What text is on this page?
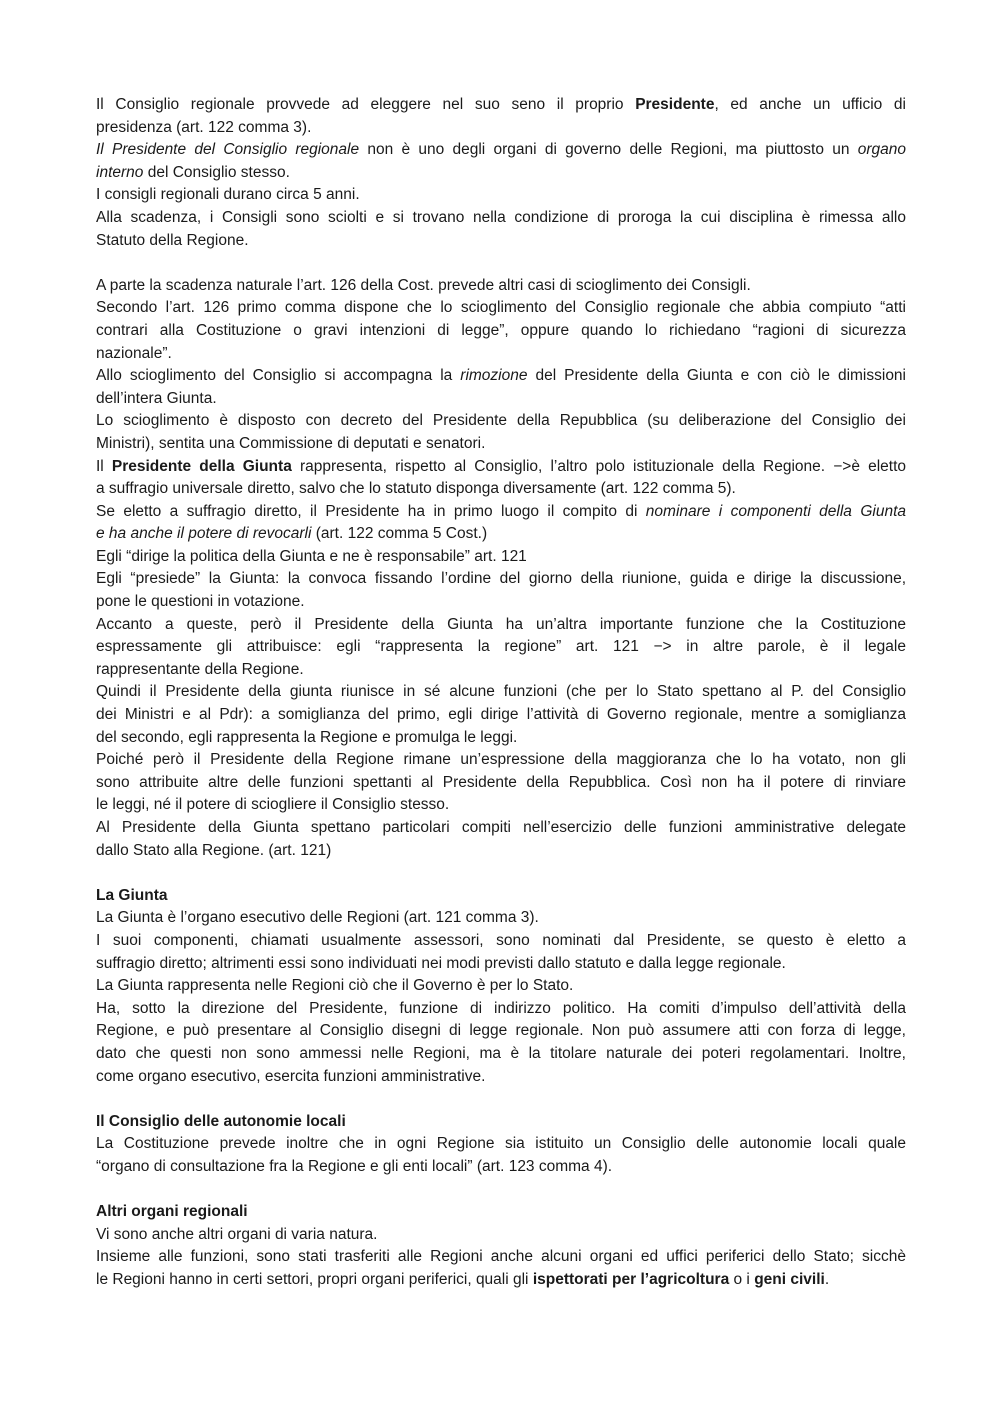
Il Consiglio regionale provvede ad eleggere nel suo seno il proprio Presidente, ed anche un ufficio di
presidenza (art. 122 comma 3).
Il Presidente del Consiglio regionale non è uno degli organi di governo delle Regioni, ma piuttosto un organo
interno del Consiglio stesso.
I consigli regionali durano circa 5 anni.
Alla scadenza, i Consigli sono sciolti e si trovano nella condizione di proroga la cui disciplina è rimessa allo
Statuto della Regione.
A parte la scadenza naturale l’art. 126 della Cost. prevede altri casi di scioglimento dei Consigli.
Secondo l’art. 126 primo comma dispone che lo scioglimento del Consiglio regionale che abbia compiuto “atti
contrari alla Costituzione o gravi intenzioni di legge”, oppure quando lo richiedano “ragioni di sicurezza
nazionale”.
Allo scioglimento del Consiglio si accompagna la rimozione del Presidente della Giunta e con ciò le dimissioni
dell’intera Giunta.
Lo scioglimento è disposto con decreto del Presidente della Repubblica (su deliberazione del Consiglio dei
Ministri), sentita una Commissione di deputati e senatori.
Il Presidente della Giunta rappresenta, rispetto al Consiglio, l’altro polo istituzionale della Regione. −>è eletto
a suffragio universale diretto, salvo che lo statuto disponga diversamente (art. 122 comma 5).
Se eletto a suffragio diretto, il Presidente ha in primo luogo il compito di nominare i componenti della Giunta
e ha anche il potere di revocarli (art. 122 comma 5 Cost.)
Egli “dirige la politica della Giunta e ne è responsabile” art. 121
Egli “presiede” la Giunta: la convoca fissando l’ordine del giorno della riunione, guida e dirige la discussione,
pone le questioni in votazione.
Accanto a queste, però il Presidente della Giunta ha un’altra importante funzione che la Costituzione
espressamente gli attribuisce: egli “rappresenta la regione” art. 121 −> in altre parole, è il legale
rappresentante della Regione.
Quindi il Presidente della giunta riunisce in sé alcune funzioni (che per lo Stato spettano al P. del Consiglio
dei Ministri e al Pdr): a somiglianza del primo, egli dirige l’attività di Governo regionale, mentre a somiglianza
del secondo, egli rappresenta la Regione e promulga le leggi.
Poiché però il Presidente della Regione rimane un’espressione della maggioranza che lo ha votato, non gli
sono attribuite altre delle funzioni spettanti al Presidente della Repubblica. Così non ha il potere di rinviare
le leggi, né il potere di sciogliere il Consiglio stesso.
Al Presidente della Giunta spettano particolari compiti nell’esercizio delle funzioni amministrative delegate
dallo Stato alla Regione. (art. 121)
La Giunta
La Giunta è l’organo esecutivo delle Regioni (art. 121 comma 3).
I suoi componenti, chiamati usualmente assessori, sono nominati dal Presidente, se questo è eletto a
suffragio diretto; altrimenti essi sono individuati nei modi previsti dallo statuto e dalla legge regionale.
La Giunta rappresenta nelle Regioni ciò che il Governo è per lo Stato.
Ha, sotto la direzione del Presidente, funzione di indirizzo politico. Ha comiti d’impulso dell’attività della
Regione, e può presentare al Consiglio disegni di legge regionale. Non può assumere atti con forza di legge,
dato che questi non sono ammessi nelle Regioni, ma è la titolare naturale dei poteri regolamentari. Inoltre,
come organo esecutivo, esercita funzioni amministrative.
Il Consiglio delle autonomie locali
La Costituzione prevede inoltre che in ogni Regione sia istituito un Consiglio delle autonomie locali quale
“organo di consultazione fra la Regione e gli enti locali” (art. 123 comma 4).
Altri organi regionali
Vi sono anche altri organi di varia natura.
Insieme alle funzioni, sono stati trasferiti alle Regioni anche alcuni organi ed uffici periferici dello Stato; sicchè
le Regioni hanno in certi settori, propri organi periferici, quali gli ispettorati per l’agricoltura o i geni civili.
